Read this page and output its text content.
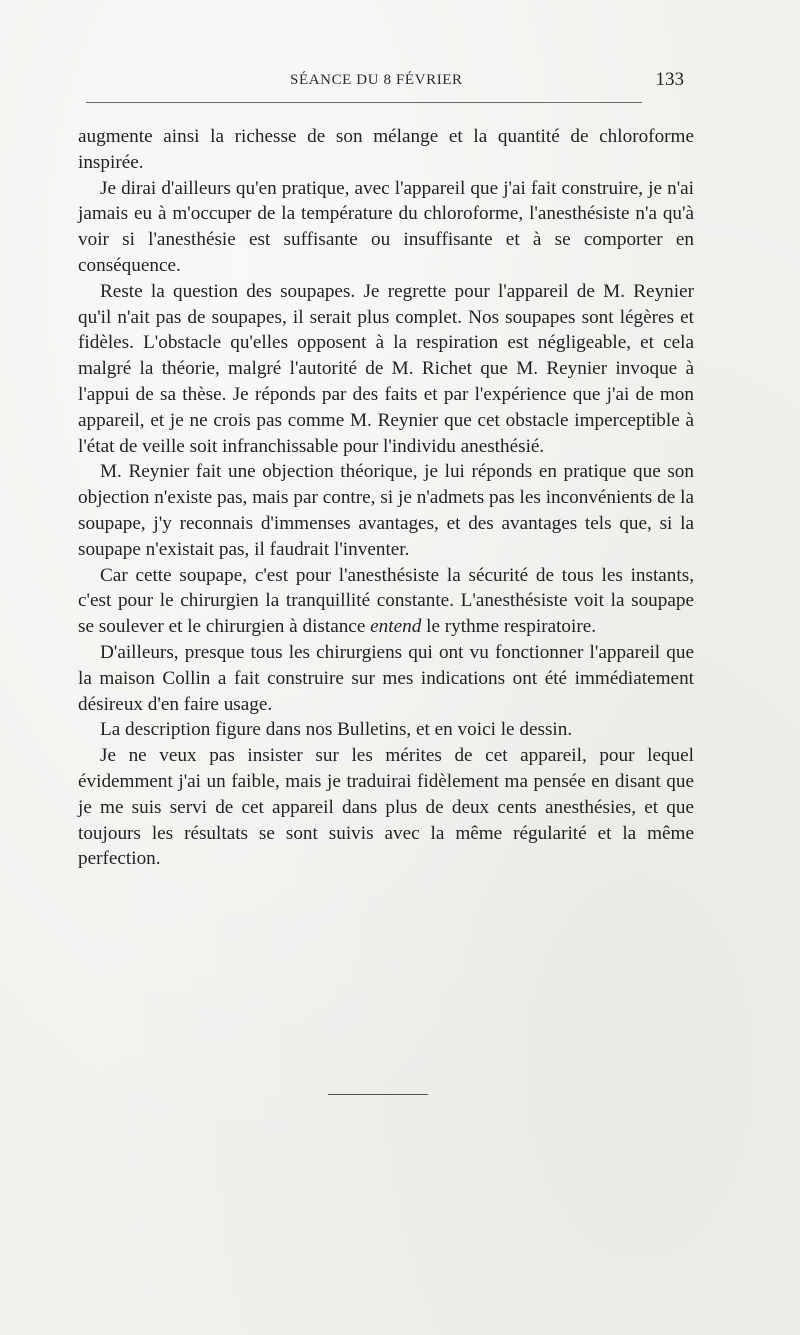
SÉANCE DU 8 FÉVRIER	133

augmente ainsi la richesse de son mélange et la quantité de chloroforme inspirée.

Je dirai d'ailleurs qu'en pratique, avec l'appareil que j'ai fait construire, je n'ai jamais eu à m'occuper de la température du chloroforme, l'anesthésiste n'a qu'à voir si l'anesthésie est suffisante ou insuffisante et à se comporter en conséquence.

Reste la question des soupapes. Je regrette pour l'appareil de M. Reynier qu'il n'ait pas de soupapes, il serait plus complet. Nos soupapes sont légères et fidèles. L'obstacle qu'elles opposent à la respiration est négligeable, et cela malgré la théorie, malgré l'autorité de M. Richet que M. Reynier invoque à l'appui de sa thèse. Je réponds par des faits et par l'expérience que j'ai de mon appareil, et je ne crois pas comme M. Reynier que cet obstacle imperceptible à l'état de veille soit infranchissable pour l'individu anesthésié.

M. Reynier fait une objection théorique, je lui réponds en pratique que son objection n'existe pas, mais par contre, si je n'admets pas les inconvénients de la soupape, j'y reconnais d'immenses avantages, et des avantages tels que, si la soupape n'existait pas, il faudrait l'inventer.

Car cette soupape, c'est pour l'anesthésiste la sécurité de tous les instants, c'est pour le chirurgien la tranquillité constante. L'anesthésiste voit la soupape se soulever et le chirurgien à distance entend le rythme respiratoire.

D'ailleurs, presque tous les chirurgiens qui ont vu fonctionner l'appareil que la maison Collin a fait construire sur mes indications ont été immédiatement désireux d'en faire usage.

La description figure dans nos Bulletins, et en voici le dessin.

Je ne veux pas insister sur les mérites de cet appareil, pour lequel évidemment j'ai un faible, mais je traduirai fidèlement ma pensée en disant que je me suis servi de cet appareil dans plus de deux cents anesthésies, et que toujours les résultats se sont suivis avec la même régularité et la même perfection.
